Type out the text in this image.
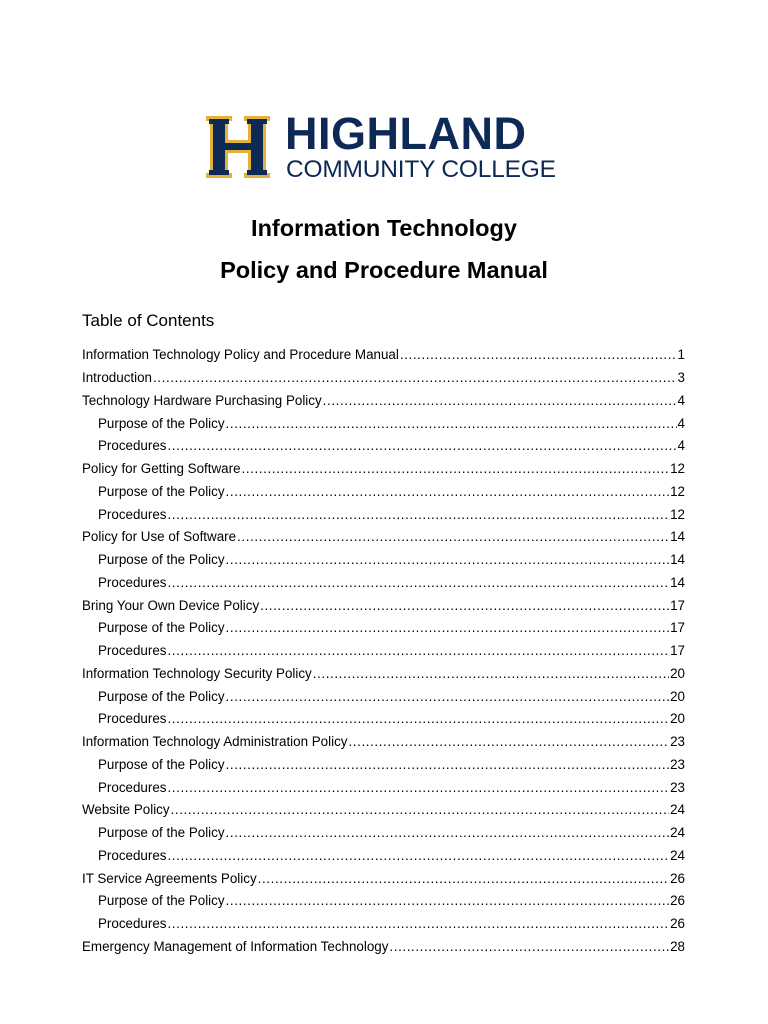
HIGHLAND
COMMUNITY COLLEGE
Information Technology
Policy and Procedure Manual
Table of Contents
Information Technology Policy and Procedure Manual .....	1
Introduction .....	3
Technology Hardware Purchasing Policy .....	4
Purpose of the Policy .....	4
Procedures .....	4
Policy for Getting Software .....	12
Purpose of the Policy .....	12
Procedures .....	12
Policy for Use of Software .....	14
Purpose of the Policy .....	14
Procedures .....	14
Bring Your Own Device Policy .....	17
Purpose of the Policy .....	17
Procedures .....	17
Information Technology Security Policy .....	20
Purpose of the Policy .....	20
Procedures .....	20
Information Technology Administration Policy .....	23
Purpose of the Policy .....	23
Procedures .....	23
Website Policy .....	24
Purpose of the Policy .....	24
Procedures .....	24
IT Service Agreements Policy .....	26
Purpose of the Policy .....	26
Procedures .....	26
Emergency Management of Information Technology .....	28
